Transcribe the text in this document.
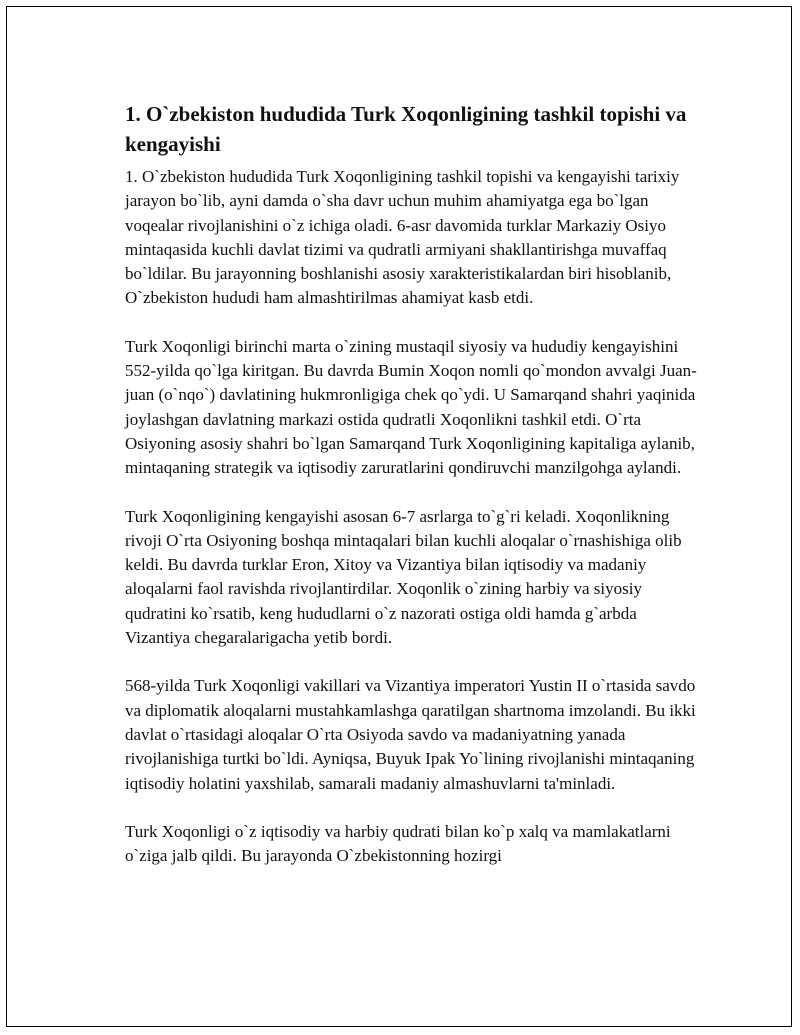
1. O`zbekiston hududida Turk Xoqonligining tashkil topishi va kengayishi

1. O`zbekiston hududida Turk Xoqonligining tashkil topishi va kengayishi tarixiy jarayon bo`lib, ayni damda o`sha davr uchun muhim ahamiyatga ega bo`lgan voqealar rivojlanishini o`z ichiga oladi. 6-asr davomida turklar Markaziy Osiyo mintaqasida kuchli davlat tizimi va qudratli armiyani shakllantirishga muvaffaq bo`ldilar. Bu jarayonning boshlanishi asosiy xarakteristikalardan biri hisoblanib, O`zbekiston hududi ham almashtirilmas ahamiyat kasb etdi.

Turk Xoqonligi birinchi marta o`zining mustaqil siyosiy va hududiy kengayishini 552-yilda qo`lga kiritgan. Bu davrda Bumin Xoqon nomli qo`mondon avvalgi Juan-juan (o`nqo`) davlatining hukmronligiga chek qo`ydi. U Samarqand shahri yaqinida joylashgan davlatning markazi ostida qudratli Xoqonlikni tashkil etdi. O`rta Osiyoning asosiy shahri bo`lgan Samarqand Turk Xoqonligining kapitaliga aylanib, mintaqaning strategik va iqtisodiy zaruratlarini qondiruvchi manzilgohga aylandi.

Turk Xoqonligining kengayishi asosan 6-7 asrlarga to`g`ri keladi. Xoqonlikning rivoji O`rta Osiyoning boshqa mintaqalari bilan kuchli aloqalar o`rnashishiga olib keldi. Bu davrda turklar Eron, Xitoy va Vizantiya bilan iqtisodiy va madaniy aloqalarni faol ravishda rivojlantirdilar. Xoqonlik o`zining harbiy va siyosiy qudratini ko`rsatib, keng hududlarni o`z nazorati ostiga oldi hamda g`arbda Vizantiya chegaralarigacha yetib bordi.

568-yilda Turk Xoqonligi vakillari va Vizantiya imperatori Yustin II o`rtasida savdo va diplomatik aloqalarni mustahkamlashga qaratilgan shartnoma imzolandi. Bu ikki davlat o`rtasidagi aloqalar O`rta Osiyoda savdo va madaniyatning yanada rivojlanishiga turtki bo`ldi. Ayniqsa, Buyuk Ipak Yo`lining rivojlanishi mintaqaning iqtisodiy holatini yaxshilab, samarali madaniy almashuvlarni ta'minladi.

Turk Xoqonligi o`z iqtisodiy va harbiy qudrati bilan ko`p xalq va mamlakatlarni o`ziga jalb qildi. Bu jarayonda O`zbekistonning hozirgi
